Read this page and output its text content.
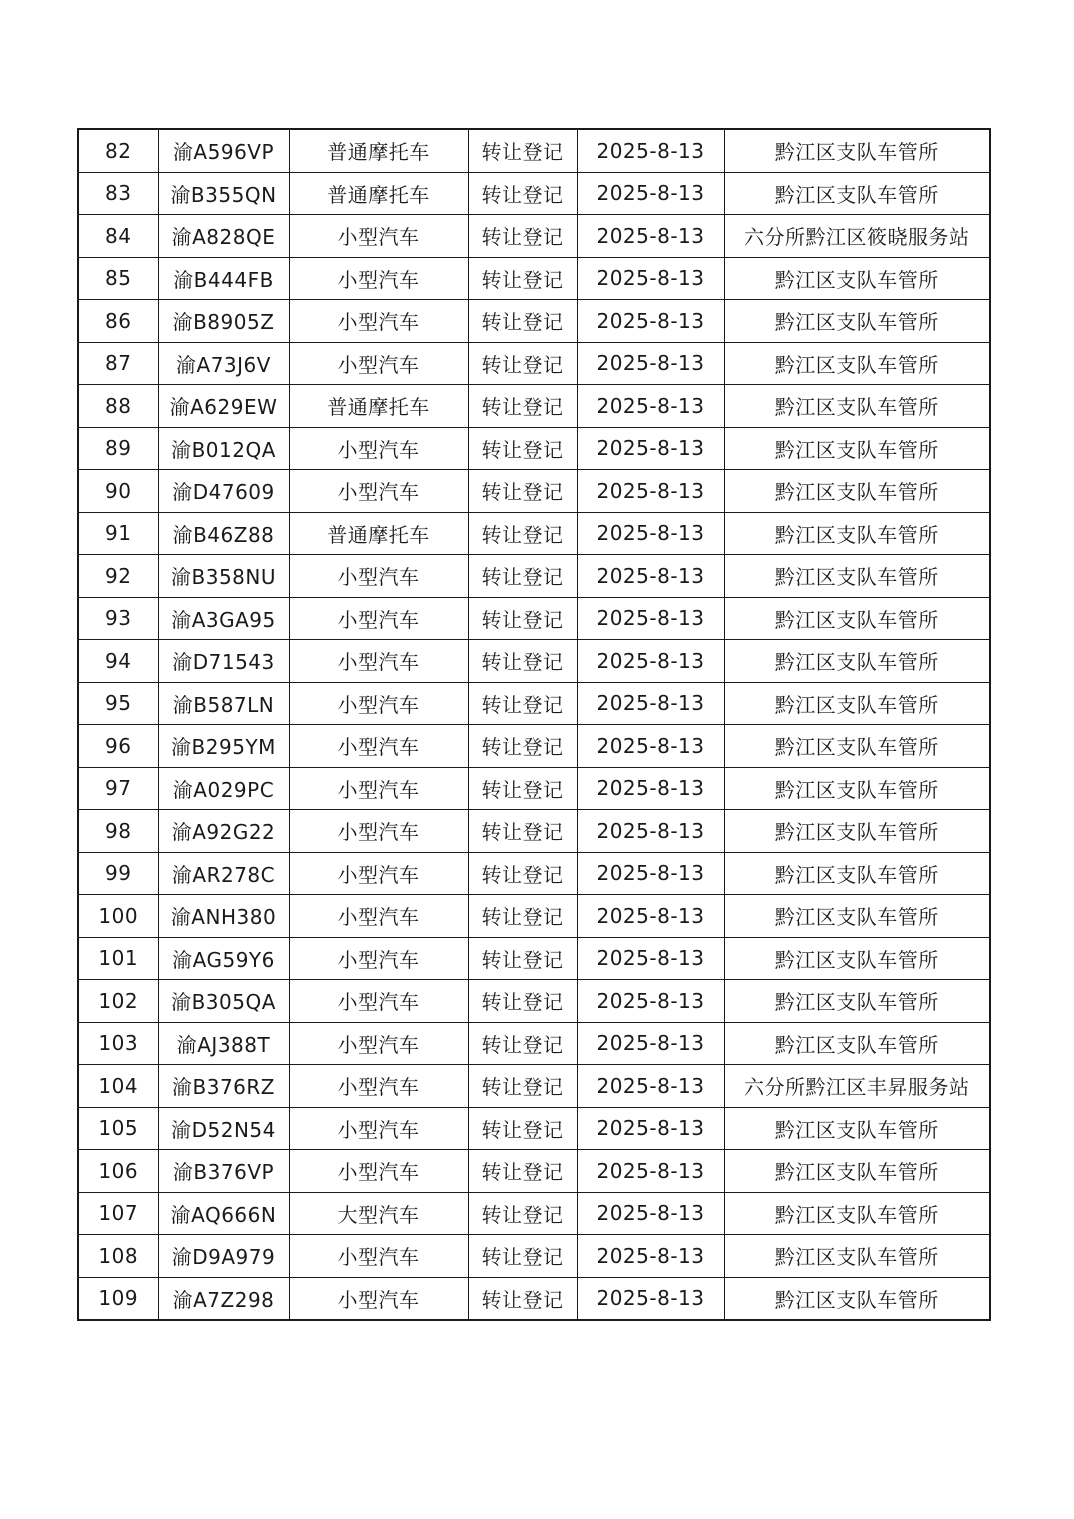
82	渝A596VP	普通摩托车	转让登记	2025-8-13	黔江区支队车管所
83	渝B355QN	普通摩托车	转让登记	2025-8-13	黔江区支队车管所
84	渝A828QE	小型汽车	转让登记	2025-8-13	六分所黔江区筱晓服务站
85	渝B444FB	小型汽车	转让登记	2025-8-13	黔江区支队车管所
86	渝B8905Z	小型汽车	转让登记	2025-8-13	黔江区支队车管所
87	渝A73J6V	小型汽车	转让登记	2025-8-13	黔江区支队车管所
88	渝A629EW	普通摩托车	转让登记	2025-8-13	黔江区支队车管所
89	渝B012QA	小型汽车	转让登记	2025-8-13	黔江区支队车管所
90	渝D47609	小型汽车	转让登记	2025-8-13	黔江区支队车管所
91	渝B46Z88	普通摩托车	转让登记	2025-8-13	黔江区支队车管所
92	渝B358NU	小型汽车	转让登记	2025-8-13	黔江区支队车管所
93	渝A3GA95	小型汽车	转让登记	2025-8-13	黔江区支队车管所
94	渝D71543	小型汽车	转让登记	2025-8-13	黔江区支队车管所
95	渝B587LN	小型汽车	转让登记	2025-8-13	黔江区支队车管所
96	渝B295YM	小型汽车	转让登记	2025-8-13	黔江区支队车管所
97	渝A029PC	小型汽车	转让登记	2025-8-13	黔江区支队车管所
98	渝A92G22	小型汽车	转让登记	2025-8-13	黔江区支队车管所
99	渝AR278C	小型汽车	转让登记	2025-8-13	黔江区支队车管所
100	渝ANH380	小型汽车	转让登记	2025-8-13	黔江区支队车管所
101	渝AG59Y6	小型汽车	转让登记	2025-8-13	黔江区支队车管所
102	渝B305QA	小型汽车	转让登记	2025-8-13	黔江区支队车管所
103	渝AJ388T	小型汽车	转让登记	2025-8-13	黔江区支队车管所
104	渝B376RZ	小型汽车	转让登记	2025-8-13	六分所黔江区丰昇服务站
105	渝D52N54	小型汽车	转让登记	2025-8-13	黔江区支队车管所
106	渝B376VP	小型汽车	转让登记	2025-8-13	黔江区支队车管所
107	渝AQ666N	大型汽车	转让登记	2025-8-13	黔江区支队车管所
108	渝D9A979	小型汽车	转让登记	2025-8-13	黔江区支队车管所
109	渝A7Z298	小型汽车	转让登记	2025-8-13	黔江区支队车管所
